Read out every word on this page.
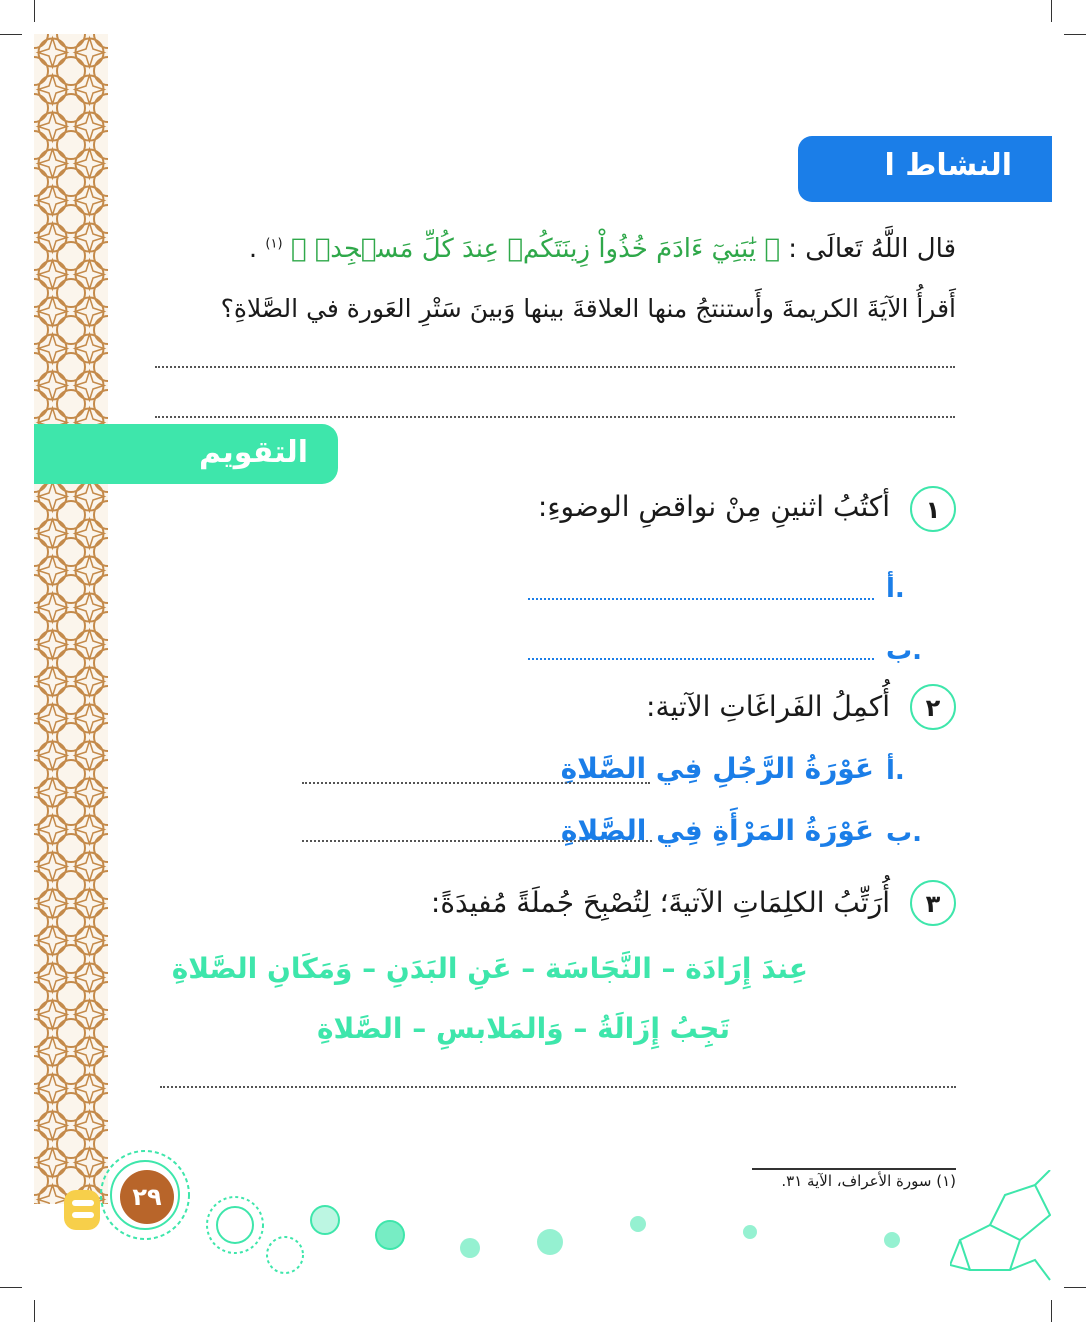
النشاط ا
قال اللَّهُ تَعالَى : ﴿ يَٰبَنِيٓ ءَادَمَ خُذُواْ زِينَتَكُمۡ عِندَ كُلِّ مَسۡجِدٖ ﴾ $^{(١)}$ .
أَقرأُ الآيَةَ الكريمةَ وأَستنتجُ منها العلاقةَ بينها وَبينَ سَتْرِ العَورة في الصَّلاةِ؟
التقويم
١
أكتُبُ اثنينِ مِنْ نواقضِ الوضوءِ:
أ.
ب.
٢
أُكمِلُ الفَراغَاتِ الآتية:
أ.
عَوْرَةُ الرَّجُلِ فِي الصَّلاةِ
ب.
عَوْرَةُ المَرْأَةِ فِي الصَّلاةِ
٣
أُرَتِّبُ الكلِمَاتِ الآتيةَ؛ لِتُصْبِحَ جُملَةً مُفيدَةً:
عِندَ إِرَادَة – النَّجَاسَة – عَنِ البَدَنِ – وَمَكَانِ الصَّلاةِ
تَجِبُ إِزَالَةُ – وَالمَلابسِ – الصَّلاةِ
(١) سورة الأعراف، الآية ٣١.
٢٩
